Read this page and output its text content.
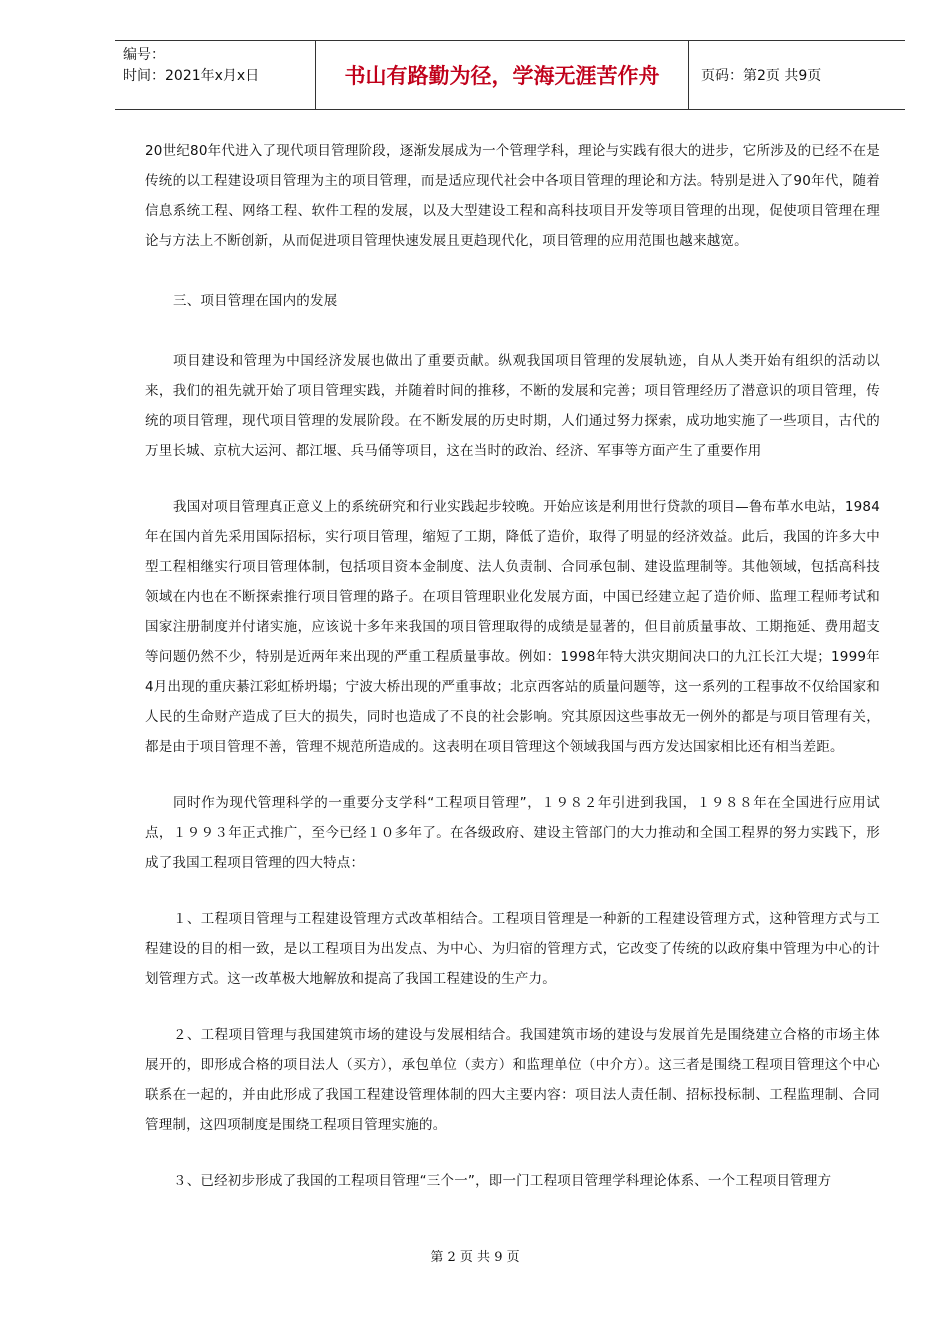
编号：
时间：2021年x月x日	书山有路勤为径，学海无涯苦作舟	页码：第2页 共9页

20世纪80年代进入了现代项目管理阶段，逐渐发展成为一个管理学科，理论与实践有很大的进步，它所涉及的已经不在是传统的以工程建设项目管理为主的项目管理，而是适应现代社会中各项目管理的理论和方法。特别是进入了90年代，随着信息系统工程、网络工程、软件工程的发展，以及大型建设工程和高科技项目开发等项目管理的出现，促使项目管理在理论与方法上不断创新，从而促进项目管理快速发展且更趋现代化，项目管理的应用范围也越来越宽。

三、项目管理在国内的发展

项目建设和管理为中国经济发展也做出了重要贡献。纵观我国项目管理的发展轨迹，自从人类开始有组织的活动以来，我们的祖先就开始了项目管理实践，并随着时间的推移，不断的发展和完善；项目管理经历了潜意识的项目管理，传统的项目管理，现代项目管理的发展阶段。在不断发展的历史时期，人们通过努力探索，成功地实施了一些项目，古代的万里长城、京杭大运河、都江堰、兵马俑等项目，这在当时的政治、经济、军事等方面产生了重要作用

我国对项目管理真正意义上的系统研究和行业实践起步较晚。开始应该是利用世行贷款的项目—鲁布革水电站，1984年在国内首先采用国际招标，实行项目管理，缩短了工期，降低了造价，取得了明显的经济效益。此后，我国的许多大中型工程相继实行项目管理体制，包括项目资本金制度、法人负责制、合同承包制、建设监理制等。其他领域，包括高科技领域在内也在不断探索推行项目管理的路子。在项目管理职业化发展方面，中国已经建立起了造价师、监理工程师考试和国家注册制度并付诸实施，应该说十多年来我国的项目管理取得的成绩是显著的，但目前质量事故、工期拖延、费用超支等问题仍然不少，特别是近两年来出现的严重工程质量事故。例如：1998年特大洪灾期间决口的九江长江大堤；1999年4月出现的重庆綦江彩虹桥坍塌；宁波大桥出现的严重事故；北京西客站的质量问题等，这一系列的工程事故不仅给国家和人民的生命财产造成了巨大的损失，同时也造成了不良的社会影响。究其原因这些事故无一例外的都是与项目管理有关，都是由于项目管理不善，管理不规范所造成的。这表明在项目管理这个领域我国与西方发达国家相比还有相当差距。

同时作为现代管理科学的一重要分支学科“工程项目管理”，１９８２年引进到我国，１９８８年在全国进行应用试点，１９９３年正式推广，至今已经１０多年了。在各级政府、建设主管部门的大力推动和全国工程界的努力实践下，形成了我国工程项目管理的四大特点：

１、工程项目管理与工程建设管理方式改革相结合。工程项目管理是一种新的工程建设管理方式，这种管理方式与工程建设的目的相一致，是以工程项目为出发点、为中心、为归宿的管理方式，它改变了传统的以政府集中管理为中心的计划管理方式。这一改革极大地解放和提高了我国工程建设的生产力。

２、工程项目管理与我国建筑市场的建设与发展相结合。我国建筑市场的建设与发展首先是围绕建立合格的市场主体展开的，即形成合格的项目法人（买方），承包单位（卖方）和监理单位（中介方）。这三者是围绕工程项目管理这个中心联系在一起的，并由此形成了我国工程建设管理体制的四大主要内容：项目法人责任制、招标投标制、工程监理制、合同管理制，这四项制度是围绕工程项目管理实施的。

３、已经初步形成了我国的工程项目管理“三个一”，即一门工程项目管理学科理论体系、一个工程项目管理方

第 2 页 共 9 页
